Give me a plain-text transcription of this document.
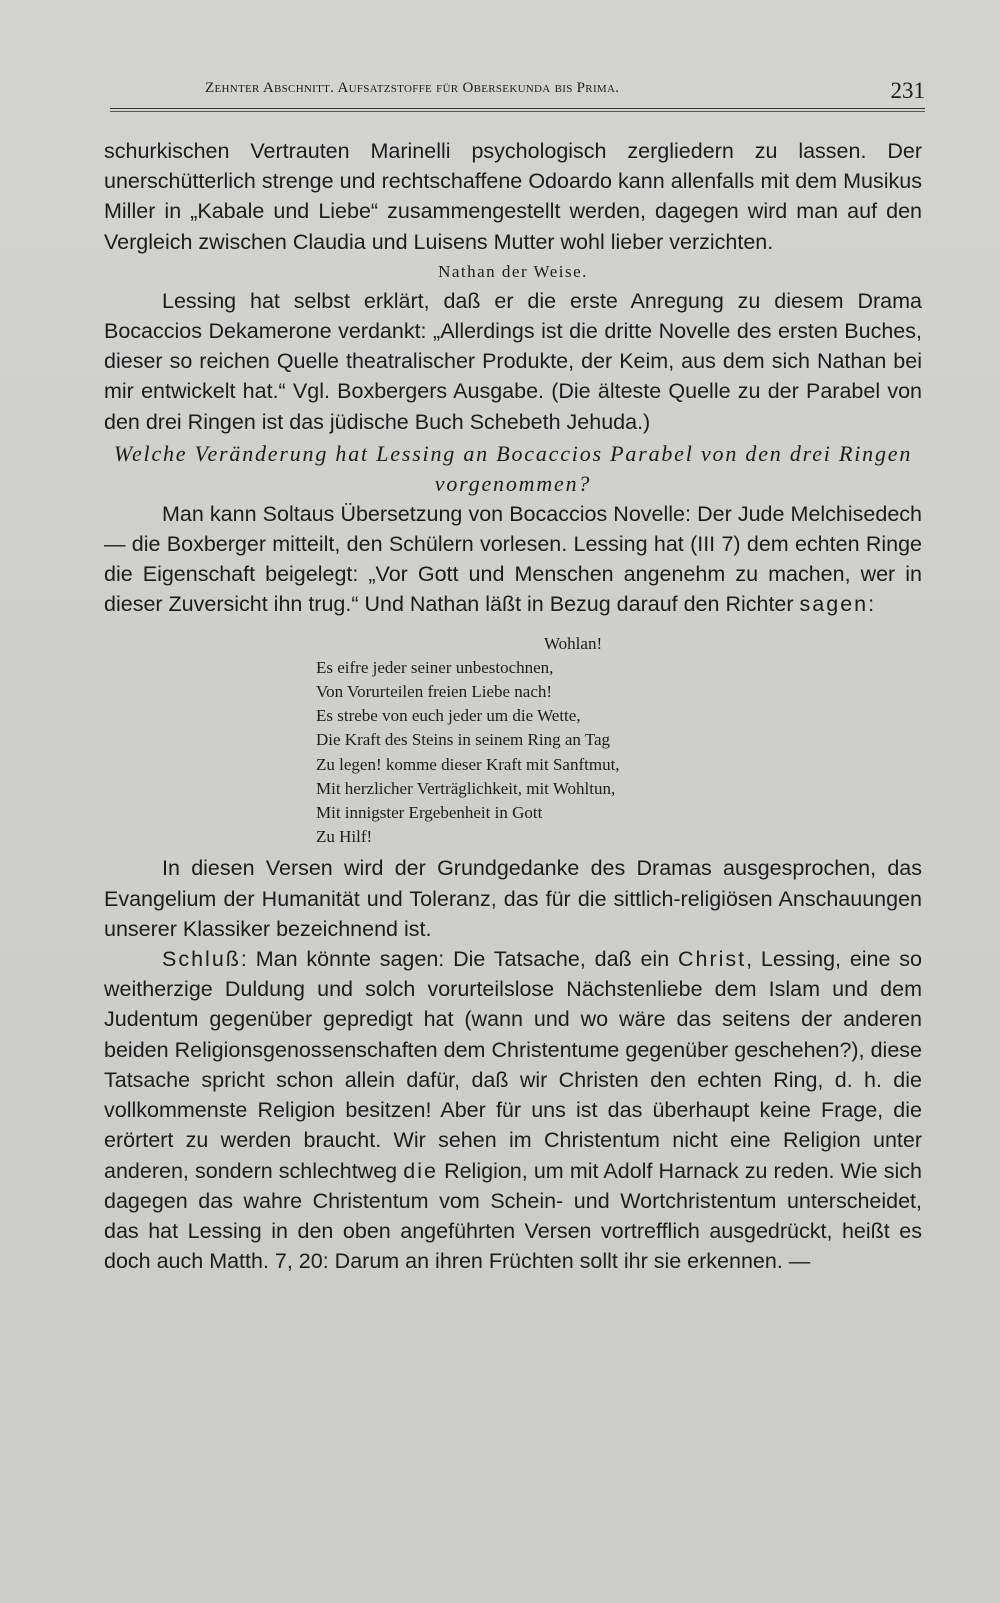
Zehnter Abschnitt. Aufsatzstoffe für Obersekunda bis Prima.	231

schurkischen Vertrauten Marinelli psychologisch zergliedern zu lassen. Der unerschütterlich strenge und rechtschaffene Odoardo kann allenfalls mit dem Musikus Miller in „Kabale und Liebe“ zusammengestellt werden, dagegen wird man auf den Vergleich zwischen Claudia und Luisens Mutter wohl lieber verzichten.

Nathan der Weise.

Lessing hat selbst erklärt, daß er die erste Anregung zu diesem Drama Bocaccios Dekamerone verdankt: „Allerdings ist die dritte Novelle des ersten Buches, dieser so reichen Quelle theatralischer Produkte, der Keim, aus dem sich Nathan bei mir entwickelt hat.“ Vgl. Boxbergers Ausgabe. (Die älteste Quelle zu der Parabel von den drei Ringen ist das jüdische Buch Schebeth Jehuda.)

Welche Veränderung hat Lessing an Bocaccios Parabel von den drei Ringen vorgenommen?

Man kann Soltaus Übersetzung von Bocaccios Novelle: Der Jude Melchisedech — die Boxberger mitteilt, den Schülern vorlesen. Lessing hat (III 7) dem echten Ringe die Eigenschaft beigelegt: „Vor Gott und Menschen angenehm zu machen, wer in dieser Zuversicht ihn trug.“ Und Nathan läßt in Bezug darauf den Richter sagen:

Wohlan!
Es eifre jeder seiner unbestochnen,
Von Vorurteilen freien Liebe nach!
Es strebe von euch jeder um die Wette,
Die Kraft des Steins in seinem Ring an Tag
Zu legen! komme dieser Kraft mit Sanftmut,
Mit herzlicher Verträglichkeit, mit Wohltun,
Mit innigster Ergebenheit in Gott
Zu Hilf!

In diesen Versen wird der Grundgedanke des Dramas ausgesprochen, das Evangelium der Humanität und Toleranz, das für die sittlich-religiösen Anschauungen unserer Klassiker bezeichnend ist.

Schluß: Man könnte sagen: Die Tatsache, daß ein Christ, Lessing, eine so weitherzige Duldung und solch vorurteilslose Nächstenliebe dem Islam und dem Judentum gegenüber gepredigt hat (wann und wo wäre das seitens der anderen beiden Religionsgenossenschaften dem Christentume gegenüber geschehen?), diese Tatsache spricht schon allein dafür, daß wir Christen den echten Ring, d. h. die vollkommenste Religion besitzen! Aber für uns ist das überhaupt keine Frage, die erörtert zu werden braucht. Wir sehen im Christentum nicht eine Religion unter anderen, sondern schlechtweg die Religion, um mit Adolf Harnack zu reden. Wie sich dagegen das wahre Christentum vom Schein- und Wortchristentum unterscheidet, das hat Lessing in den oben angeführten Versen vortrefflich ausgedrückt, heißt es doch auch Matth. 7, 20: Darum an ihren Früchten sollt ihr sie erkennen. —
